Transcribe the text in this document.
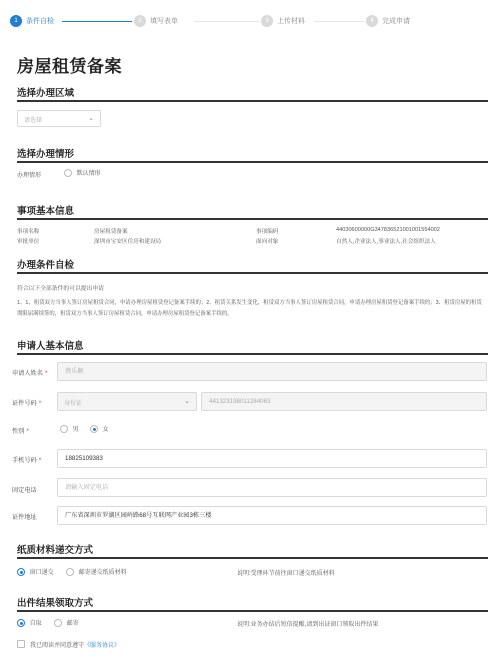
1	条件自检	2	填写表单	3	上传材料	4	完成申请
房屋租赁备案
选择办理区域
请选择	⌄
选择办理情形
办理情形	默认情形
事项基本信息
事项名称	房屋租赁备案	事项编码	44030600000G3478365210010015540​02
审批单位	深圳市宝安区住房和建设局	面向对象	自然人,企业法人,事业法人,社会组织法人
办理条件自检
符合以下全部条件的可以提出申请
1、1、租赁双方当事人签订房屋租赁合同，申请办理房屋租赁登记备案手续的；2、租赁关系发生变化，租赁双方当事人签订房屋租赁合同，申请办理房屋租赁登记备案手续的；3、租赁房屋的租赁期限届满续签的，租赁双方当事人签订房屋租赁合同，申请办理房屋租赁登记备案手续的。
申请人基本信息
申请人姓名 *	蔡乐颖
证件号码 *	身份证	⌄	441323198011284063
性别 *	男	女
手机号码 *	18825109383
固定电话	请输入固定电话
证件地址	广东省深圳市罗湖区园岭路68号互联网产业园3栋三楼
纸质材料递交方式
窗口递交	邮寄递交纸质材料	说明:受理环节前往窗口递交纸质材料
出件结果领取方式
自取	邮寄	说明:业务办结后短信提醒,请到出证窗口领取出件结果
我已阅读并同意遵守《服务协议》
